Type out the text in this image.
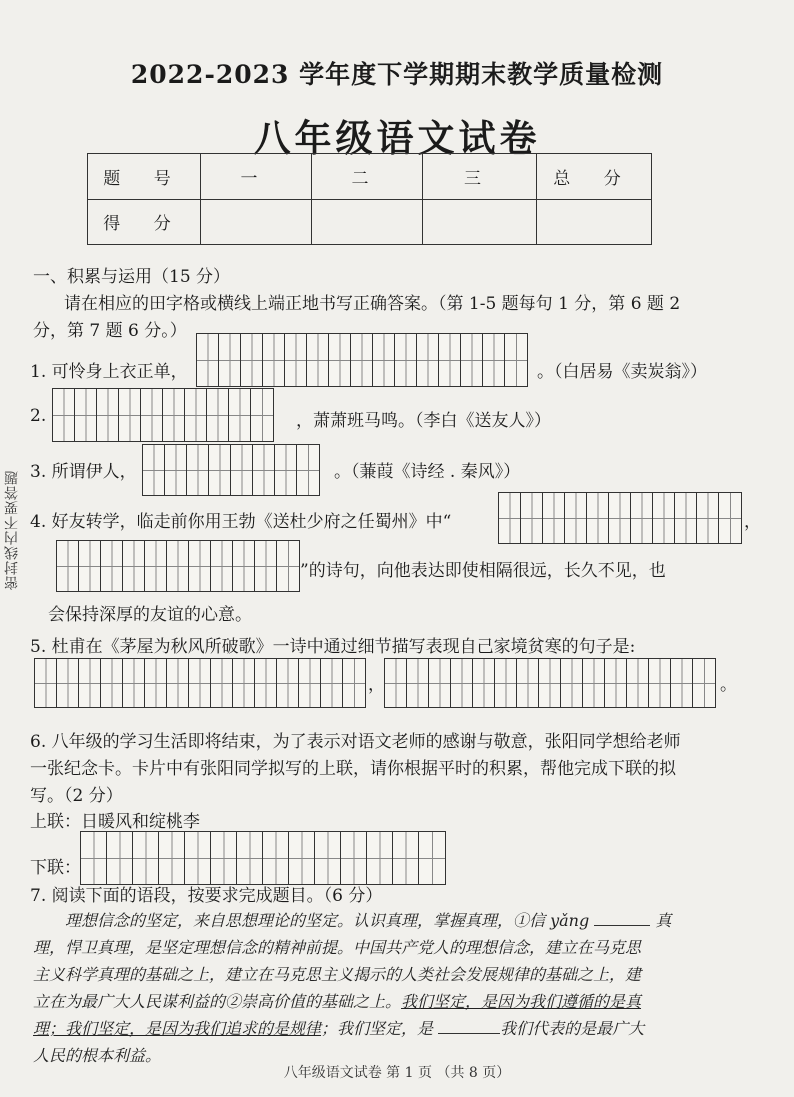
2022-2023 学年度下学期期末教学质量检测
八年级语文试卷
题 号	一	二	三	总 分
得 分				
密封线内不要答题
一、积累与运用（15 分）
请在相应的田字格或横线上端正地书写正确答案。（第 1-5 题每句 1 分，第 6 题 2
分，第 7 题 6 分。）
1. 可怜身上衣正单，	。（白居易《卖炭翁》）
2.	，萧萧班马鸣。（李白《送友人》）
3. 所谓伊人，	。（蒹葭《诗经 . 秦风》）
4. 好友转学，临走前你用王勃《送杜少府之任蜀州》中“	，
”的诗句，向他表达即使相隔很远，长久不见，也
会保持深厚的友谊的心意。
5. 杜甫在《茅屋为秋风所破歌》一诗中通过细节描写表现自己家境贫寒的句子是:
，	。
6. 八年级的学习生活即将结束，为了表示对语文老师的感谢与敬意，张阳同学想给老师
一张纪念卡。卡片中有张阳同学拟写的上联，请你根据平时的积累，帮他完成下联的拟
写。（2 分）
上联：日暖风和绽桃李
下联：
7. 阅读下面的语段，按要求完成题目。（6 分）
理想信念的坚定，来自思想理论的坚定。认识真理，掌握真理，①信 yǎng	真
理，悍卫真理，是坚定理想信念的精神前提。中国共产党人的理想信念，建立在马克思
主义科学真理的基础之上，建立在马克思主义揭示的人类社会发展规律的基础之上，建
立在为最广大人民谋利益的②崇高价值的基础之上。我们坚定，是因为我们遵循的是真
理；我们坚定，是因为我们追求的是规律；我们坚定，是	我们代表的是最广大
人民的根本利益。
八年级语文试卷 第 1 页 （共 8 页）
